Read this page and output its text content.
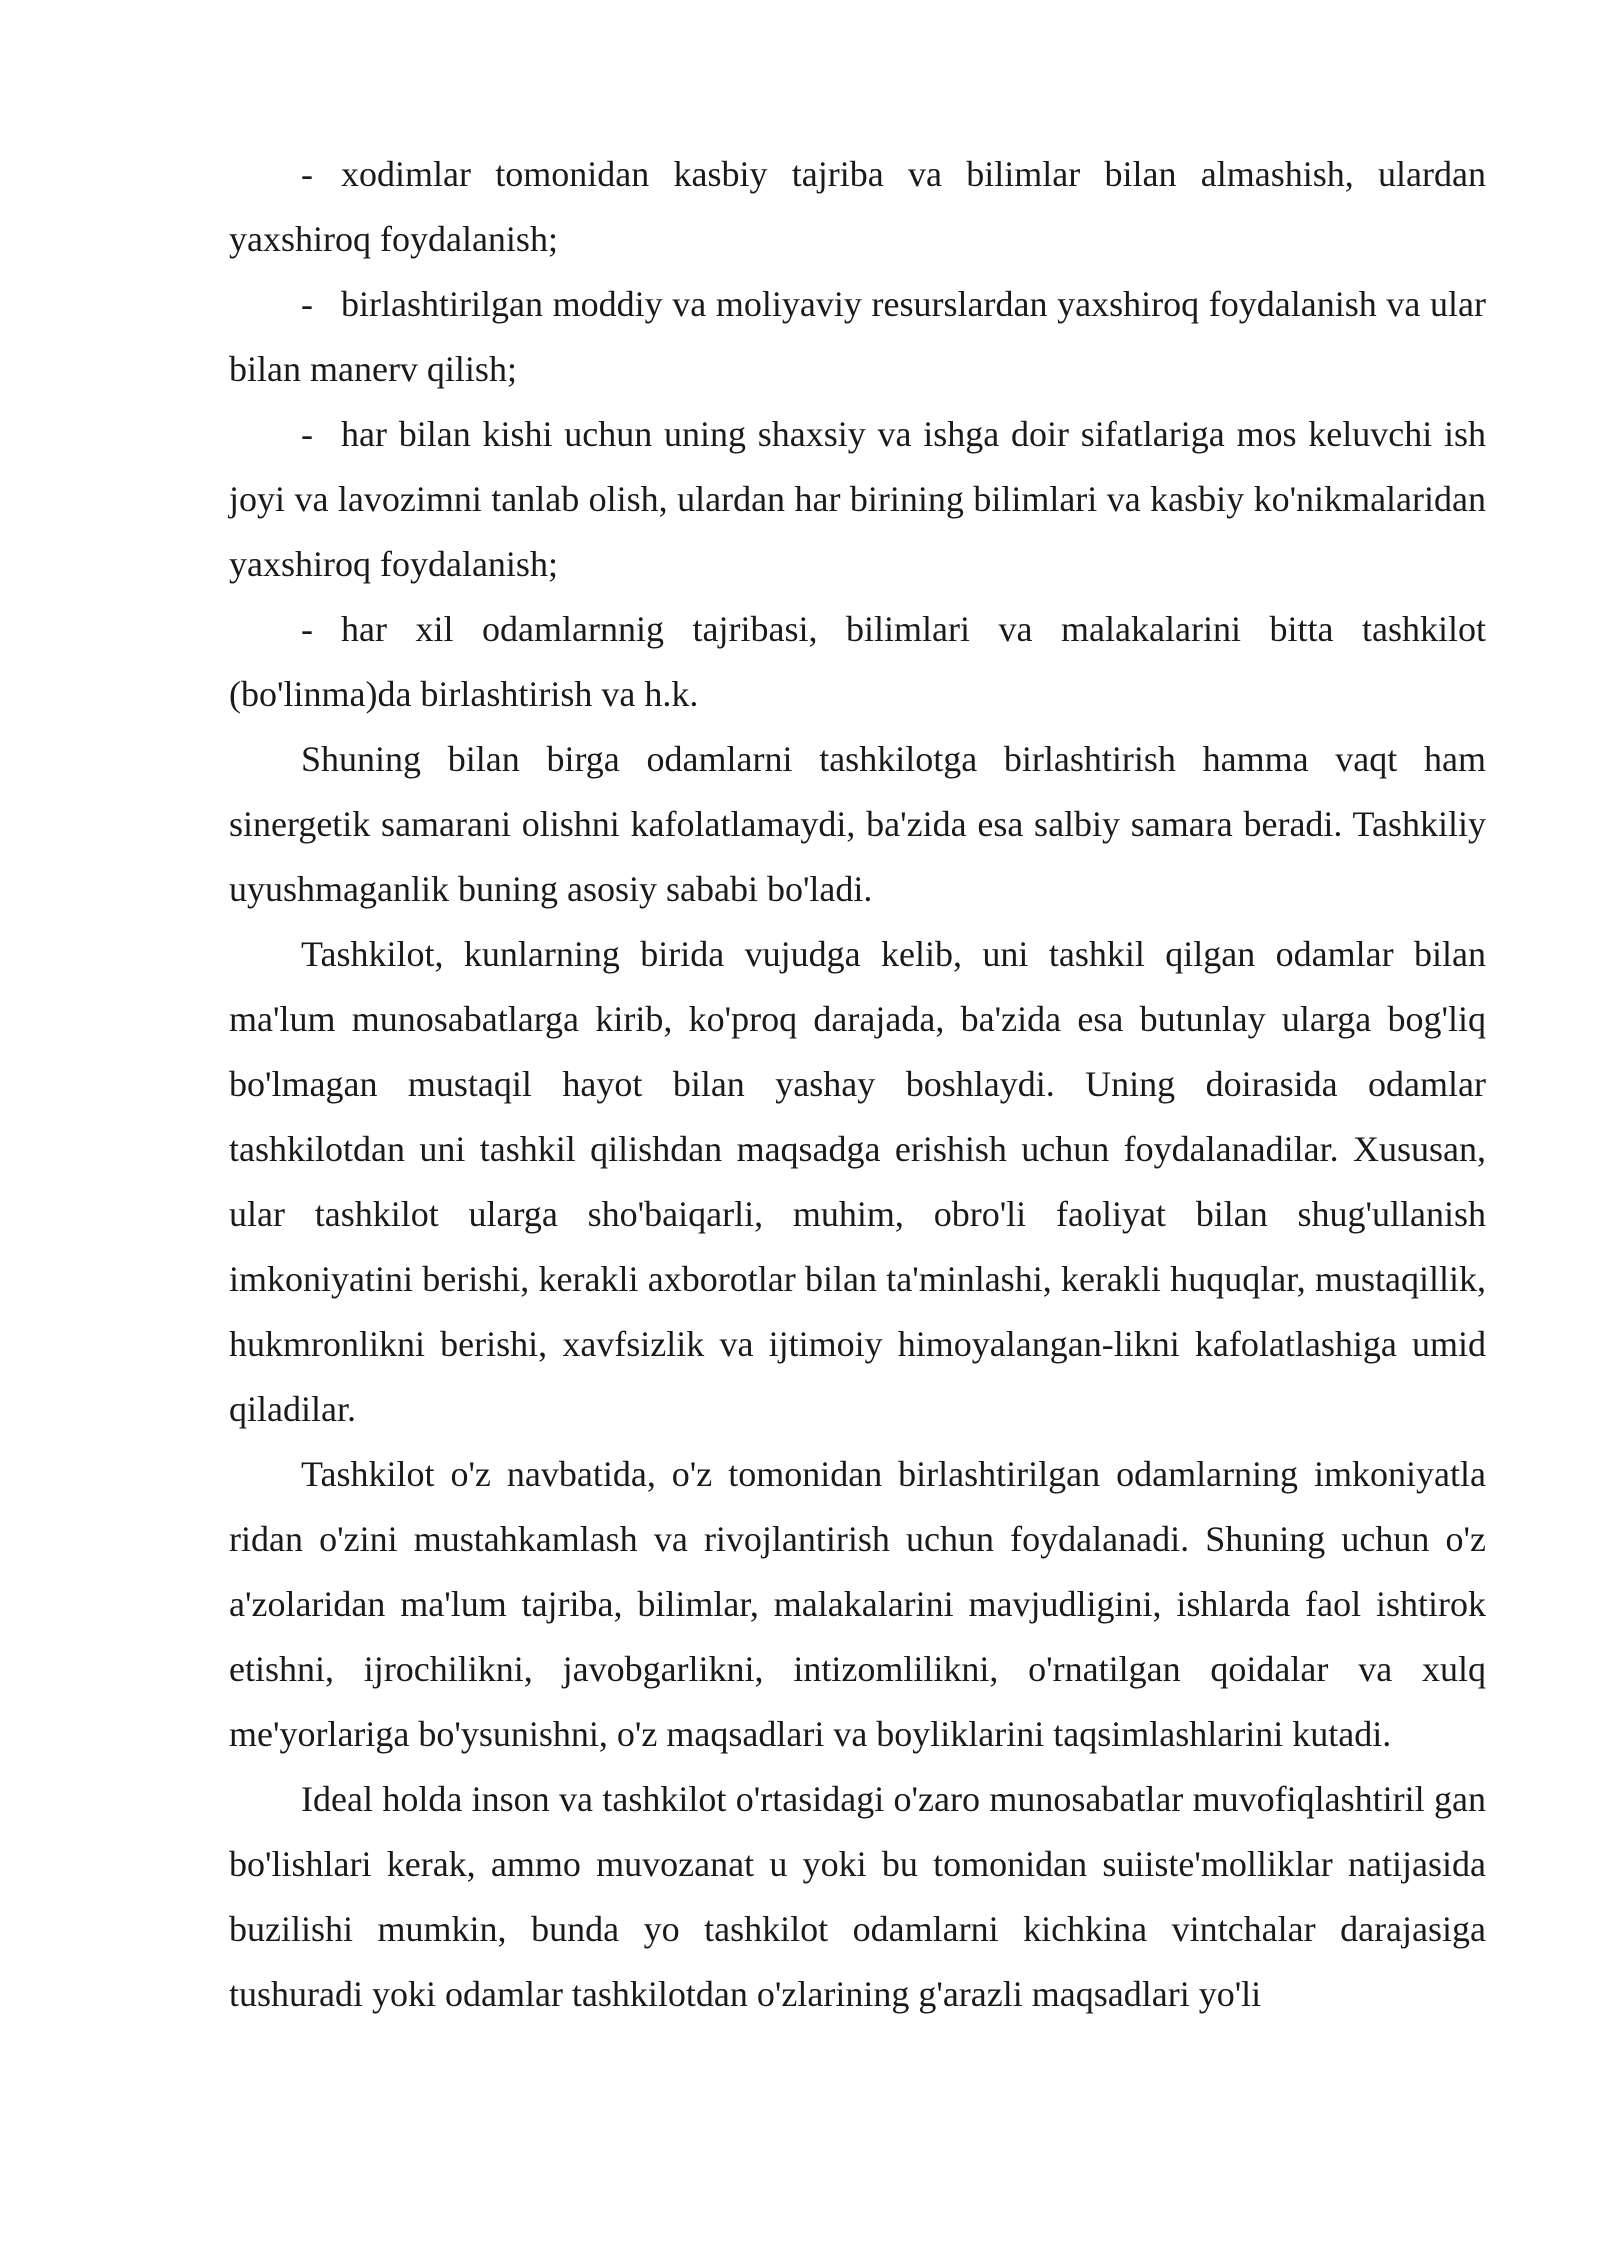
- xodimlar tomonidan kasbiy tajriba va bilimlar bilan almashish, ulardan yaxshiroq foydalanish;

- birlashtirilgan moddiy va moliyaviy resurslardan yaxshiroq foydalanish va ular bilan manerv qilish;

- har bilan kishi uchun uning shaxsiy va ishga doir sifatlariga mos keluvchi ish joyi va lavozimni tanlab olish, ulardan har birining bilimlari va kasbiy ko'nikmalaridan yaxshiroq foydalanish;

- har xil odamlarnnig tajribasi, bilimlari va malakalarini bitta tashkilot (bo'linma)da birlashtirish va h.k.

Shuning bilan birga odamlarni tashkilotga birlashtirish hamma vaqt ham sinergetik samarani olishni kafolatlamaydi, ba'zida esa salbiy samara beradi. Tashkiliy uyushmaganlik buning asosiy sababi bo'ladi.

Tashkilot, kunlarning birida vujudga kelib, uni tashkil qilgan odamlar bilan ma'lum munosabatlarga kirib, ko'proq darajada, ba'zida esa butunlay ularga bog'liq bo'lmagan mustaqil hayot bilan yashay boshlaydi. Uning doirasida odamlar tashkilotdan uni tashkil qilishdan maqsadga erishish uchun foydalanadilar. Xususan, ular tashkilot ularga sho'baiqarli, muhim, obro'li faoliyat bilan shug'ullanish imkoniyatini berishi, kerakli axborotlar bilan ta'minlashi, kerakli huquqlar, mustaqillik, hukmronlikni berishi, xavfsizlik va ijtimoiy himoyalangan-likni kafolatlashiga umid qiladilar.

Tashkilot o'z navbatida, o'z tomonidan birlashtirilgan odamlarning imkoniyatla ridan o'zini mustahkamlash va rivojlantirish uchun foydalanadi. Shuning uchun o'z a'zolaridan ma'lum tajriba, bilimlar, malakalarini mavjudligini, ishlarda faol ishtirok etishni, ijrochilikni, javobgarlikni, intizomlilikni, o'rnatilgan qoidalar va xulq me'yorlariga bo'ysunishni, o'z maqsadlari va boyliklarini taqsimlashlarini kutadi.

Ideal holda inson va tashkilot o'rtasidagi o'zaro munosabatlar muvofiqlashtiril gan bo'lishlari kerak, ammo muvozanat u yoki bu tomonidan suiiste'molliklar natijasida buzilishi mumkin, bunda yo tashkilot odamlarni kichkina vintchalar darajasiga tushuradi yoki odamlar tashkilotdan o'zlarining g'arazli maqsadlari yo'li
